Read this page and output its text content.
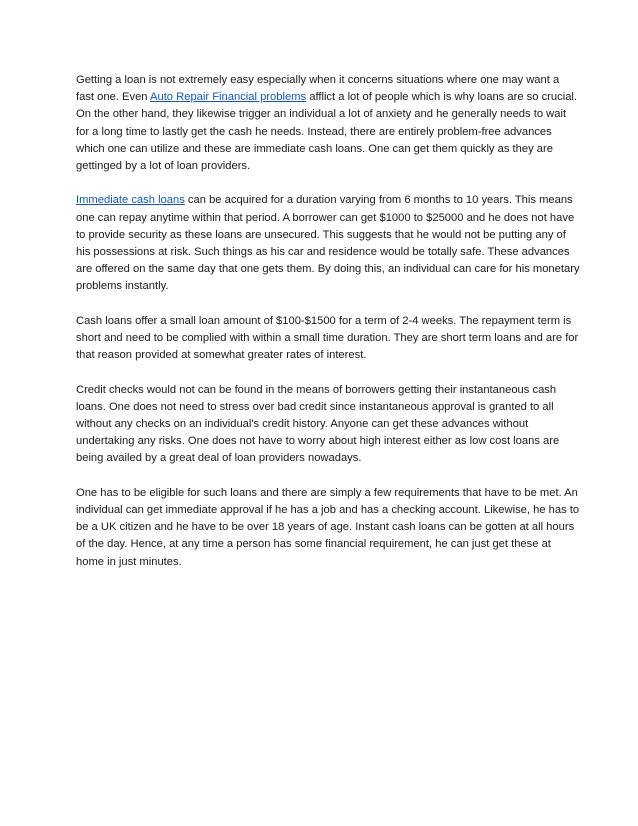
Getting a loan is not extremely easy especially when it concerns situations where one may want a fast one. Even Auto Repair Financial problems afflict a lot of people which is why loans are so crucial. On the other hand, they likewise trigger an individual a lot of anxiety and he generally needs to wait for a long time to lastly get the cash he needs. Instead, there are entirely problem-free advances which one can utilize and these are immediate cash loans. One can get them quickly as they are gettinged by a lot of loan providers.

Immediate cash loans can be acquired for a duration varying from 6 months to 10 years. This means one can repay anytime within that period. A borrower can get $1000 to $25000 and he does not have to provide security as these loans are unsecured. This suggests that he would not be putting any of his possessions at risk. Such things as his car and residence would be totally safe. These advances are offered on the same day that one gets them. By doing this, an individual can care for his monetary problems instantly.

Cash loans offer a small loan amount of $100-$1500 for a term of 2-4 weeks. The repayment term is short and need to be complied with within a small time duration. They are short term loans and are for that reason provided at somewhat greater rates of interest.

Credit checks would not can be found in the means of borrowers getting their instantaneous cash loans. One does not need to stress over bad credit since instantaneous approval is granted to all without any checks on an individual's credit history. Anyone can get these advances without undertaking any risks. One does not have to worry about high interest either as low cost loans are being availed by a great deal of loan providers nowadays.

One has to be eligible for such loans and there are simply a few requirements that have to be met. An individual can get immediate approval if he has a job and has a checking account. Likewise, he has to be a UK citizen and he have to be over 18 years of age. Instant cash loans can be gotten at all hours of the day. Hence, at any time a person has some financial requirement, he can just get these at home in just minutes.
